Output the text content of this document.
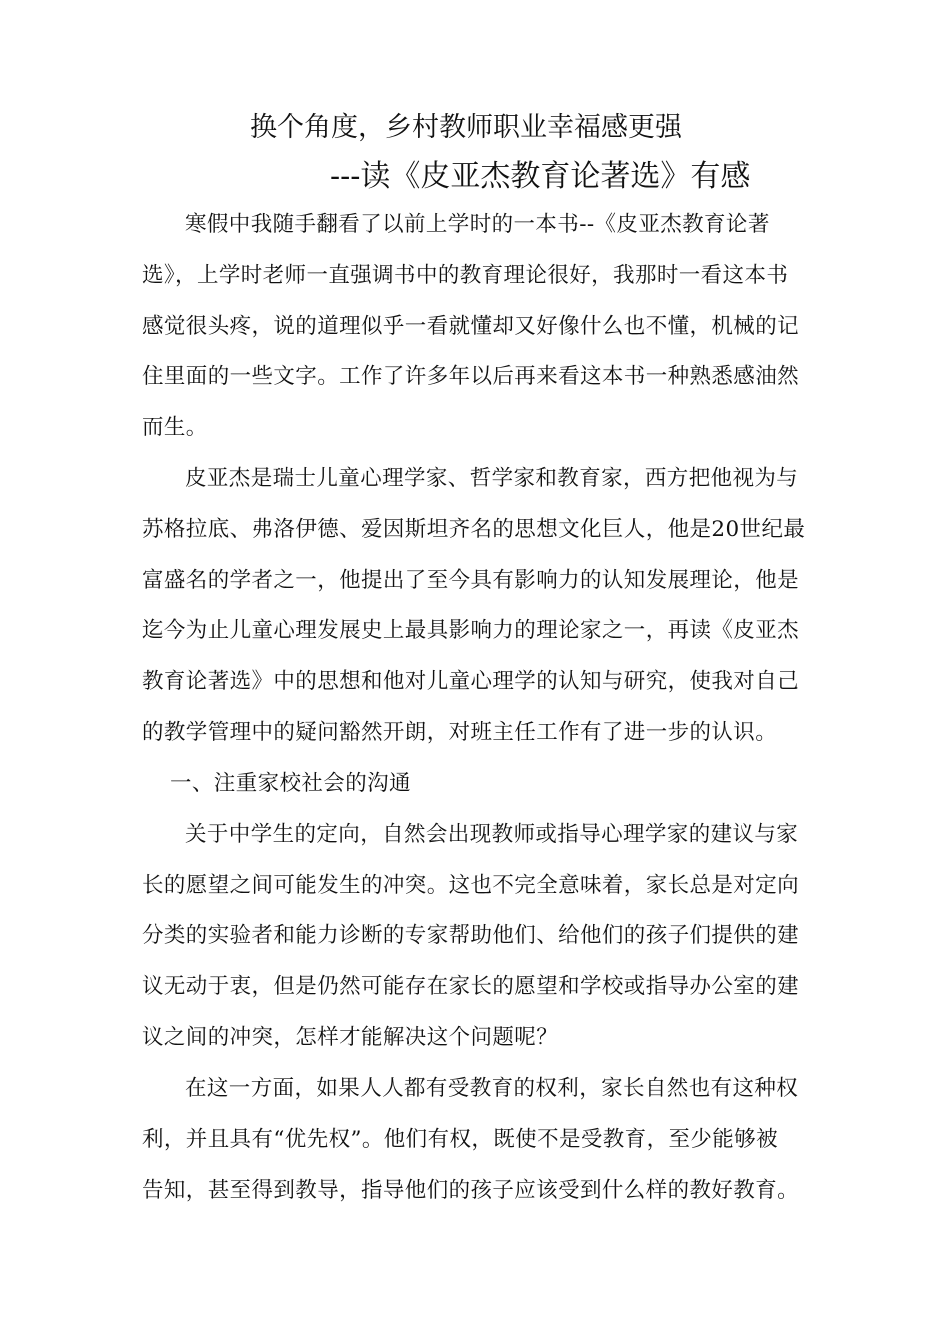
换个角度，乡村教师职业幸福感更强
---读《皮亚杰教育论著选》有感
寒假中我随手翻看了以前上学时的一本书--《皮亚杰教育论著
选》，上学时老师一直强调书中的教育理论很好，我那时一看这本书
感觉很头疼，说的道理似乎一看就懂却又好像什么也不懂，机械的记
住里面的一些文字。工作了许多年以后再来看这本书一种熟悉感油然
而生。
皮亚杰是瑞士儿童心理学家、哲学家和教育家，西方把他视为与
苏格拉底、弗洛伊德、爱因斯坦齐名的思想文化巨人，他是20世纪最
富盛名的学者之一，他提出了至今具有影响力的认知发展理论，他是
迄今为止儿童心理发展史上最具影响力的理论家之一，再读《皮亚杰
教育论著选》中的思想和他对儿童心理学的认知与研究，使我对自己
的教学管理中的疑问豁然开朗，对班主任工作有了进一步的认识。
一、注重家校社会的沟通
关于中学生的定向，自然会出现教师或指导心理学家的建议与家
长的愿望之间可能发生的冲突。这也不完全意味着，家长总是对定向
分类的实验者和能力诊断的专家帮助他们、给他们的孩子们提供的建
议无动于衷，但是仍然可能存在家长的愿望和学校或指导办公室的建
议之间的冲突，怎样才能解决这个问题呢？
在这一方面，如果人人都有受教育的权利，家长自然也有这种权
利，并且具有“优先权”。他们有权，既使不是受教育，至少能够被
告知，甚至得到教导，指导他们的孩子应该受到什么样的教好教育。
